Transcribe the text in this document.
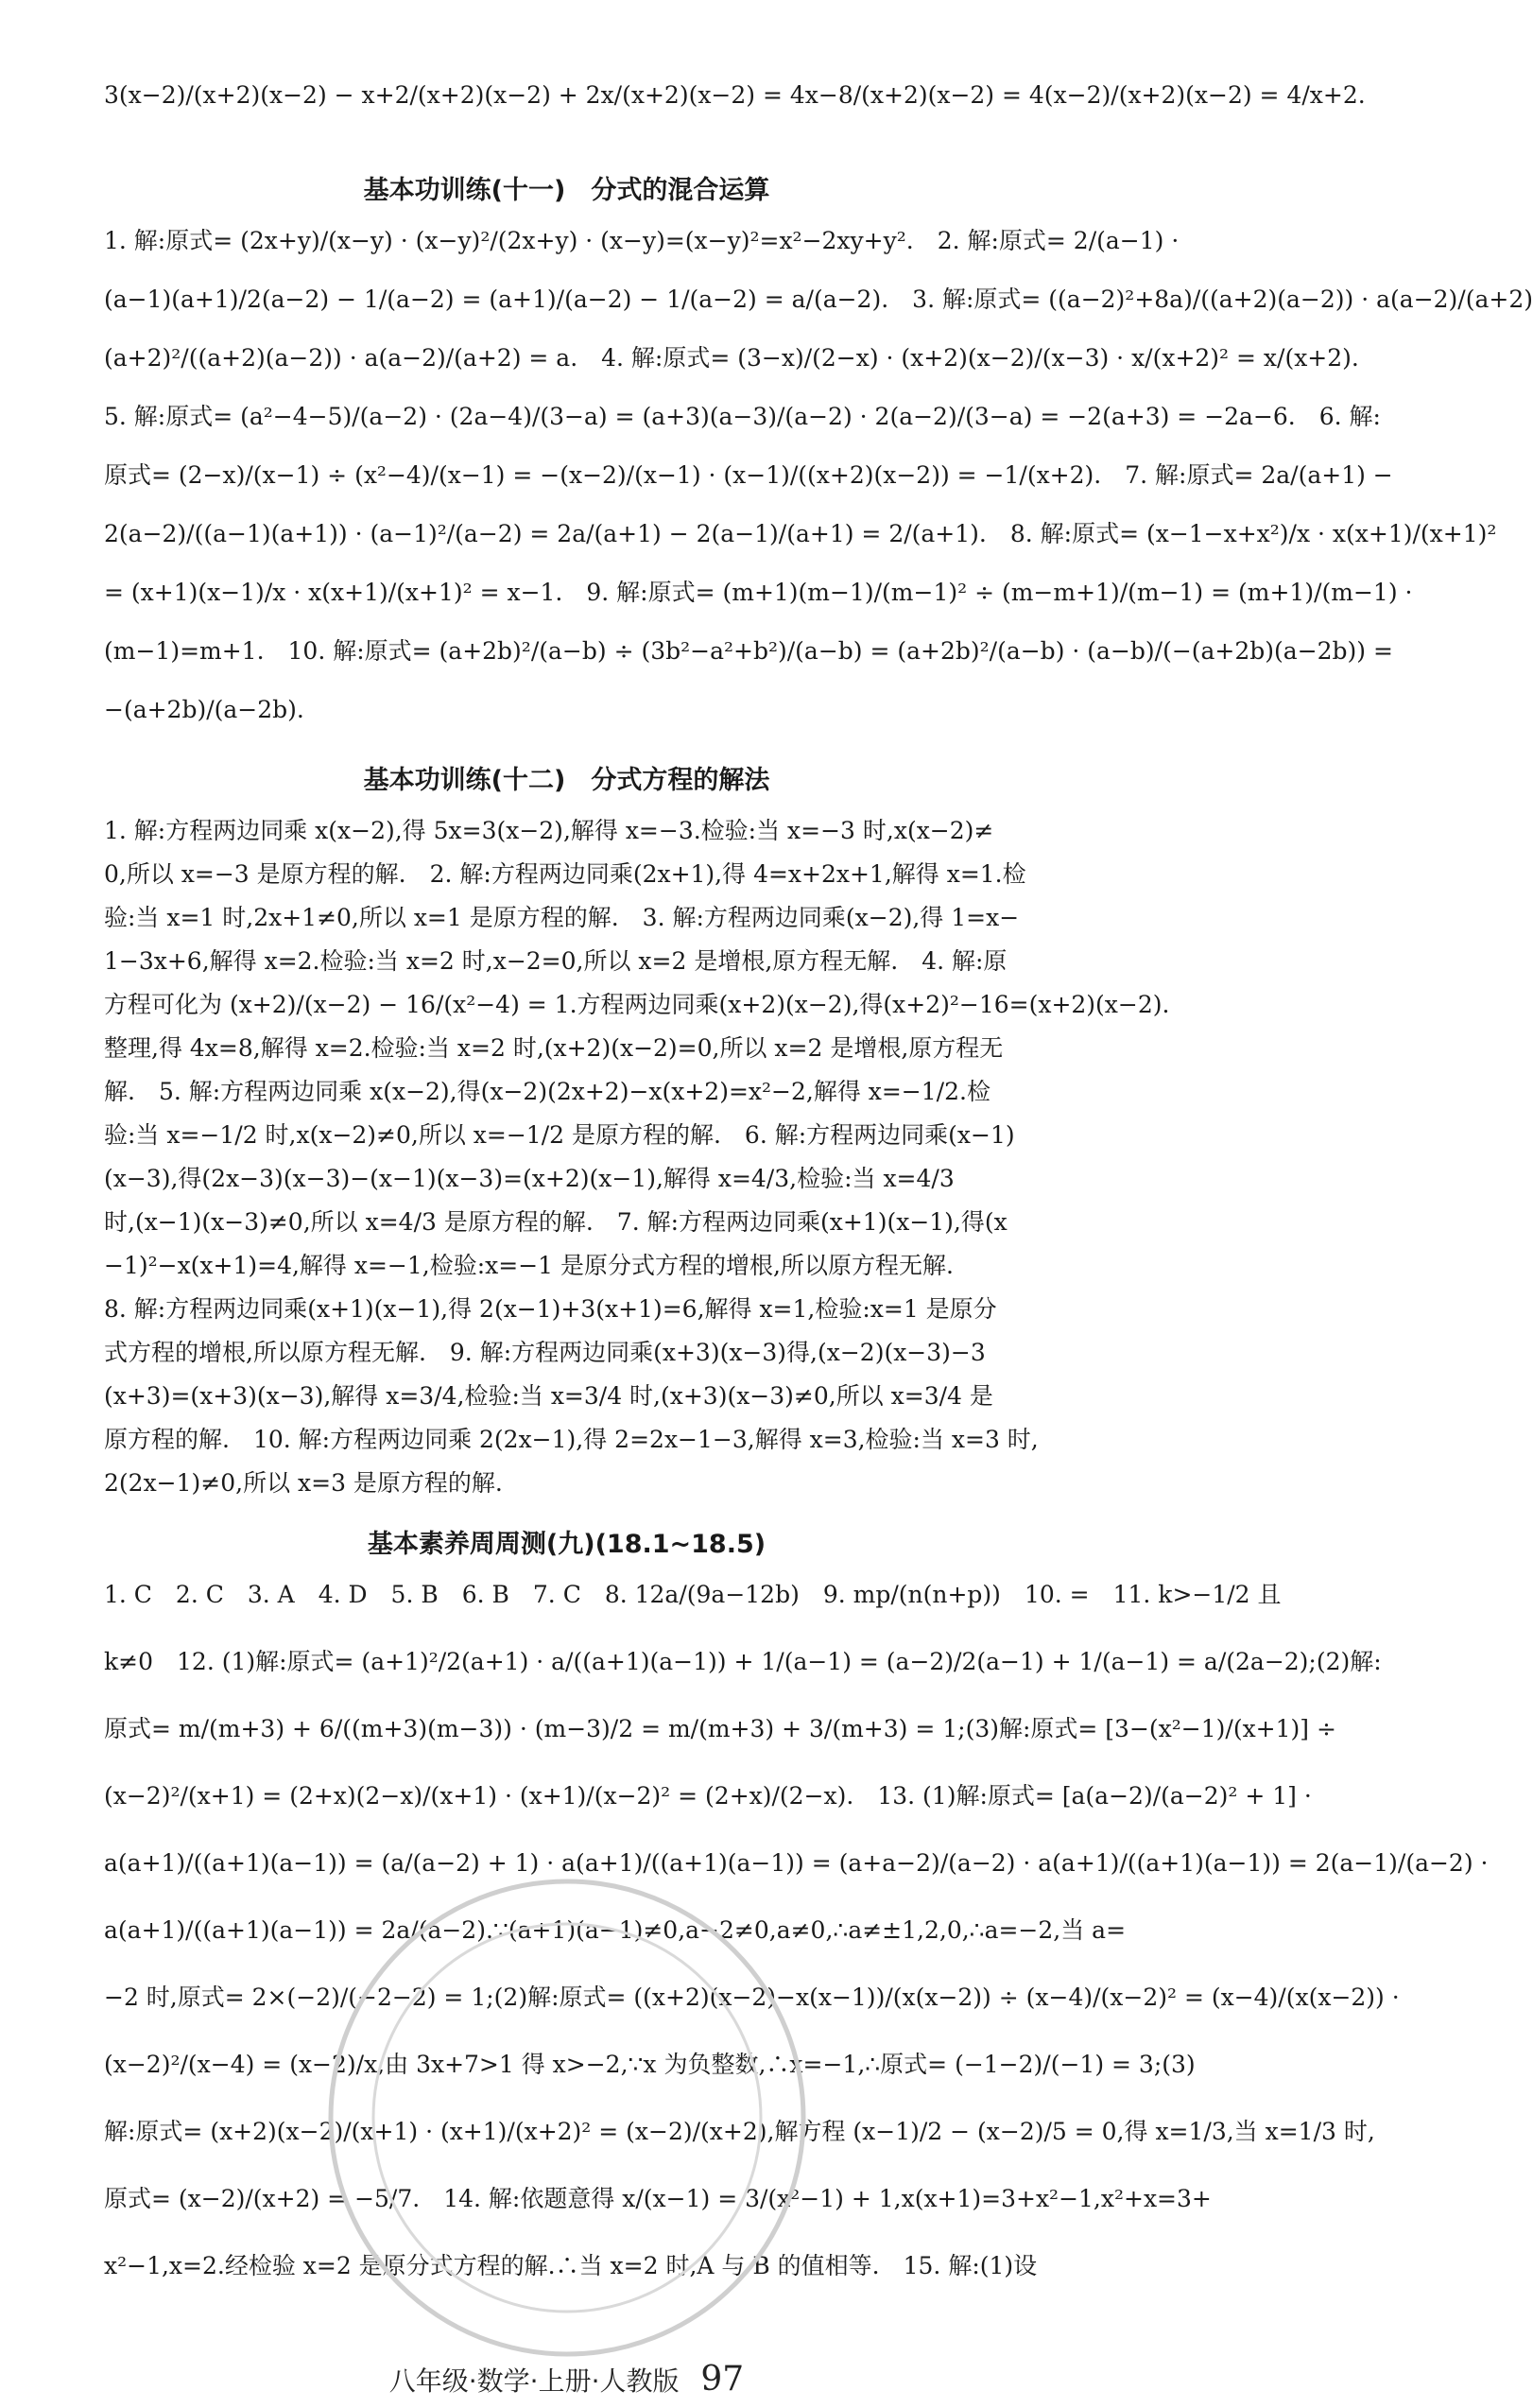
3(x−2)/(x+2)(x−2) − x+2/(x+2)(x−2) + 2x/(x+2)(x−2) = 4x−8/(x+2)(x−2) = 4(x−2)/(x+2)(x−2) = 4/x+2.
基本功训练(十一)　分式的混合运算
1. 解:原式= (2x+y)/(x−y) · (x−y)²/(2x+y) · (x−y)=(x−y)²=x²−2xy+y².　2. 解:原式= 2/(a−1) ·
(a−1)(a+1)/2(a−2) − 1/(a−2) = (a+1)/(a−2) − 1/(a−2) = a/(a−2).　3. 解:原式= ((a−2)²+8a)/((a+2)(a−2)) · a(a−2)/(a+2)
(a+2)²/((a+2)(a−2)) · a(a−2)/(a+2) = a.　4. 解:原式= (3−x)/(2−x) · (x+2)(x−2)/(x−3) · x/(x+2)² = x/(x+2).
5. 解:原式= (a²−4−5)/(a−2) · (2a−4)/(3−a) = (a+3)(a−3)/(a−2) · 2(a−2)/(3−a) = −2(a+3) = −2a−6.　6. 解:
原式= (2−x)/(x−1) ÷ (x²−4)/(x−1) = −(x−2)/(x−1) · (x−1)/((x+2)(x−2)) = −1/(x+2).　7. 解:原式= 2a/(a+1) −
2(a−2)/((a−1)(a+1)) · (a−1)²/(a−2) = 2a/(a+1) − 2(a−1)/(a+1) = 2/(a+1).　8. 解:原式= (x−1−x+x²)/x · x(x+1)/(x+1)²
= (x+1)(x−1)/x · x(x+1)/(x+1)² = x−1.　9. 解:原式= (m+1)(m−1)/(m−1)² ÷ (m−m+1)/(m−1) = (m+1)/(m−1) ·
(m−1)=m+1.　10. 解:原式= (a+2b)²/(a−b) ÷ (3b²−a²+b²)/(a−b) = (a+2b)²/(a−b) · (a−b)/(−(a+2b)(a−2b)) =
−(a+2b)/(a−2b).
基本功训练(十二)　分式方程的解法
1. 解:方程两边同乘 x(x−2),得 5x=3(x−2),解得 x=−3.检验:当 x=−3 时,x(x−2)≠
0,所以 x=−3 是原方程的解.　2. 解:方程两边同乘(2x+1),得 4=x+2x+1,解得 x=1.检
验:当 x=1 时,2x+1≠0,所以 x=1 是原方程的解.　3. 解:方程两边同乘(x−2),得 1=x−
1−3x+6,解得 x=2.检验:当 x=2 时,x−2=0,所以 x=2 是增根,原方程无解.　4. 解:原
方程可化为 (x+2)/(x−2) − 16/(x²−4) = 1.方程两边同乘(x+2)(x−2),得(x+2)²−16=(x+2)(x−2).
整理,得 4x=8,解得 x=2.检验:当 x=2 时,(x+2)(x−2)=0,所以 x=2 是增根,原方程无
解.　5. 解:方程两边同乘 x(x−2),得(x−2)(2x+2)−x(x+2)=x²−2,解得 x=−1/2.检
验:当 x=−1/2 时,x(x−2)≠0,所以 x=−1/2 是原方程的解.　6. 解:方程两边同乘(x−1)
(x−3),得(2x−3)(x−3)−(x−1)(x−3)=(x+2)(x−1),解得 x=4/3,检验:当 x=4/3
时,(x−1)(x−3)≠0,所以 x=4/3 是原方程的解.　7. 解:方程两边同乘(x+1)(x−1),得(x
−1)²−x(x+1)=4,解得 x=−1,检验:x=−1 是原分式方程的增根,所以原方程无解.
8. 解:方程两边同乘(x+1)(x−1),得 2(x−1)+3(x+1)=6,解得 x=1,检验:x=1 是原分
式方程的增根,所以原方程无解.　9. 解:方程两边同乘(x+3)(x−3)得,(x−2)(x−3)−3
(x+3)=(x+3)(x−3),解得 x=3/4,检验:当 x=3/4 时,(x+3)(x−3)≠0,所以 x=3/4 是
原方程的解.　10. 解:方程两边同乘 2(2x−1),得 2=2x−1−3,解得 x=3,检验:当 x=3 时,
2(2x−1)≠0,所以 x=3 是原方程的解.
基本素养周周测(九)(18.1~18.5)
1. C　2. C　3. A　4. D　5. B　6. B　7. C　8. 12a/(9a−12b)　9. mp/(n(n+p))　10. =　11. k>−1/2 且
k≠0　12. (1)解:原式= (a+1)²/2(a+1) · a/((a+1)(a−1)) + 1/(a−1) = (a−2)/2(a−1) + 1/(a−1) = a/(2a−2);(2)解:
原式= m/(m+3) + 6/((m+3)(m−3)) · (m−3)/2 = m/(m+3) + 3/(m+3) = 1;(3)解:原式= [3−(x²−1)/(x+1)] ÷
(x−2)²/(x+1) = (2+x)(2−x)/(x+1) · (x+1)/(x−2)² = (2+x)/(2−x).　13. (1)解:原式= [a(a−2)/(a−2)² + 1] ·
a(a+1)/((a+1)(a−1)) = (a/(a−2) + 1) · a(a+1)/((a+1)(a−1)) = (a+a−2)/(a−2) · a(a+1)/((a+1)(a−1)) = 2(a−1)/(a−2) ·
a(a+1)/((a+1)(a−1)) = 2a/(a−2).∵(a+1)(a−1)≠0,a−2≠0,a≠0,∴a≠±1,2,0,∴a=−2,当 a=
−2 时,原式= 2×(−2)/(−2−2) = 1;(2)解:原式= ((x+2)(x−2)−x(x−1))/(x(x−2)) ÷ (x−4)/(x−2)² = (x−4)/(x(x−2)) ·
(x−2)²/(x−4) = (x−2)/x,由 3x+7>1 得 x>−2,∵x 为负整数,∴x=−1,∴原式= (−1−2)/(−1) = 3;(3)
解:原式= (x+2)(x−2)/(x+1) · (x+1)/(x+2)² = (x−2)/(x+2),解方程 (x−1)/2 − (x−2)/5 = 0,得 x=1/3,当 x=1/3 时,
原式= (x−2)/(x+2) = −5/7.　14. 解:依题意得 x/(x−1) = 3/(x²−1) + 1,x(x+1)=3+x²−1,x²+x=3+
x²−1,x=2.经检验 x=2 是原分式方程的解.∴当 x=2 时,A 与 B 的值相等.　15. 解:(1)设
八年级·数学·上册·人教版 97
